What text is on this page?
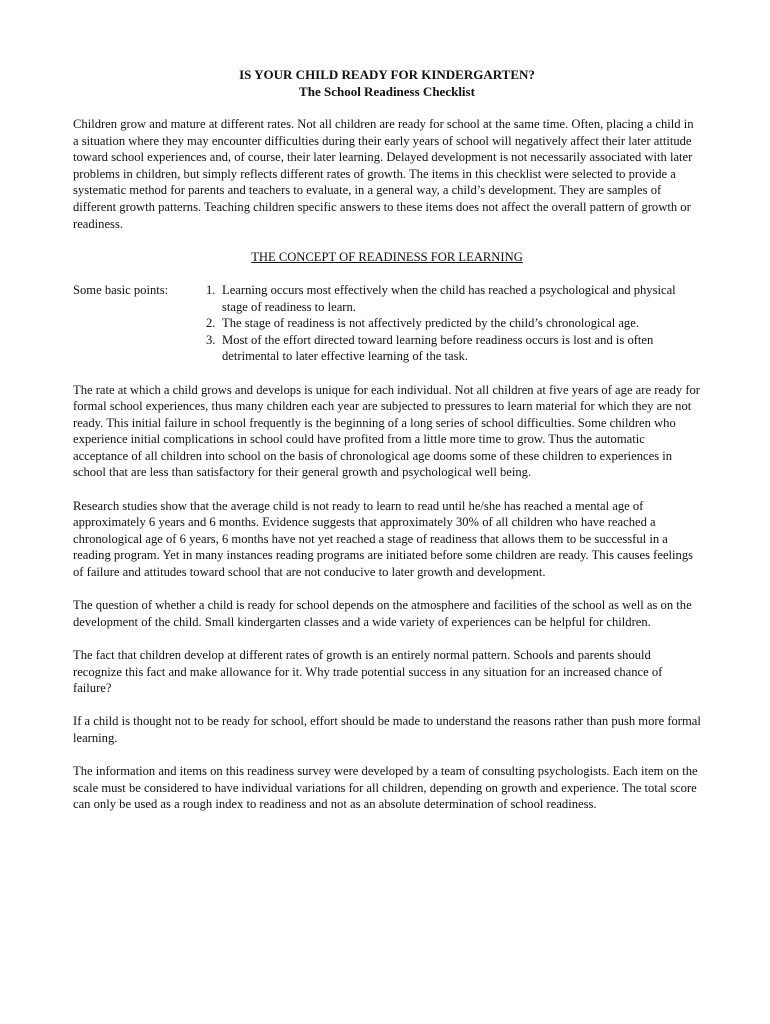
IS YOUR CHILD READY FOR KINDERGARTEN?

The School Readiness Checklist

Children grow and mature at different rates. Not all children are ready for school at the same time. Often, placing a child in a situation where they may encounter difficulties during their early years of school will negatively affect their later attitude toward school experiences and, of course, their later learning. Delayed development is not necessarily associated with later problems in children, but simply reflects different rates of growth. The items in this checklist were selected to provide a systematic method for parents and teachers to evaluate, in a general way, a child’s development. They are samples of different growth patterns. Teaching children specific answers to these items does not affect the overall pattern of growth or readiness.

THE CONCEPT OF READINESS FOR LEARNING

Some basic points:	1. Learning occurs most effectively when the child has reached a psychological and physical stage of readiness to learn.
2. The stage of readiness is not affectively predicted by the child’s chronological age.
3. Most of the effort directed toward learning before readiness occurs is lost and is often detrimental to later effective learning of the task.

The rate at which a child grows and develops is unique for each individual. Not all children at five years of age are ready for formal school experiences, thus many children each year are subjected to pressures to learn material for which they are not ready. This initial failure in school frequently is the beginning of a long series of school difficulties. Some children who experience initial complications in school could have profited from a little more time to grow. Thus the automatic acceptance of all children into school on the basis of chronological age dooms some of these children to experiences in school that are less than satisfactory for their general growth and psychological well being.

Research studies show that the average child is not ready to learn to read until he/she has reached a mental age of approximately 6 years and 6 months. Evidence suggests that approximately 30% of all children who have reached a chronological age of 6 years, 6 months have not yet reached a stage of readiness that allows them to be successful in a reading program. Yet in many instances reading programs are initiated before some children are ready. This causes feelings of failure and attitudes toward school that are not conducive to later growth and development.

The question of whether a child is ready for school depends on the atmosphere and facilities of the school as well as on the development of the child. Small kindergarten classes and a wide variety of experiences can be helpful for children.

The fact that children develop at different rates of growth is an entirely normal pattern. Schools and parents should recognize this fact and make allowance for it. Why trade potential success in any situation for an increased chance of failure?

If a child is thought not to be ready for school, effort should be made to understand the reasons rather than push more formal learning.

The information and items on this readiness survey were developed by a team of consulting psychologists. Each item on the scale must be considered to have individual variations for all children, depending on growth and experience. The total score can only be used as a rough index to readiness and not as an absolute determination of school readiness.
